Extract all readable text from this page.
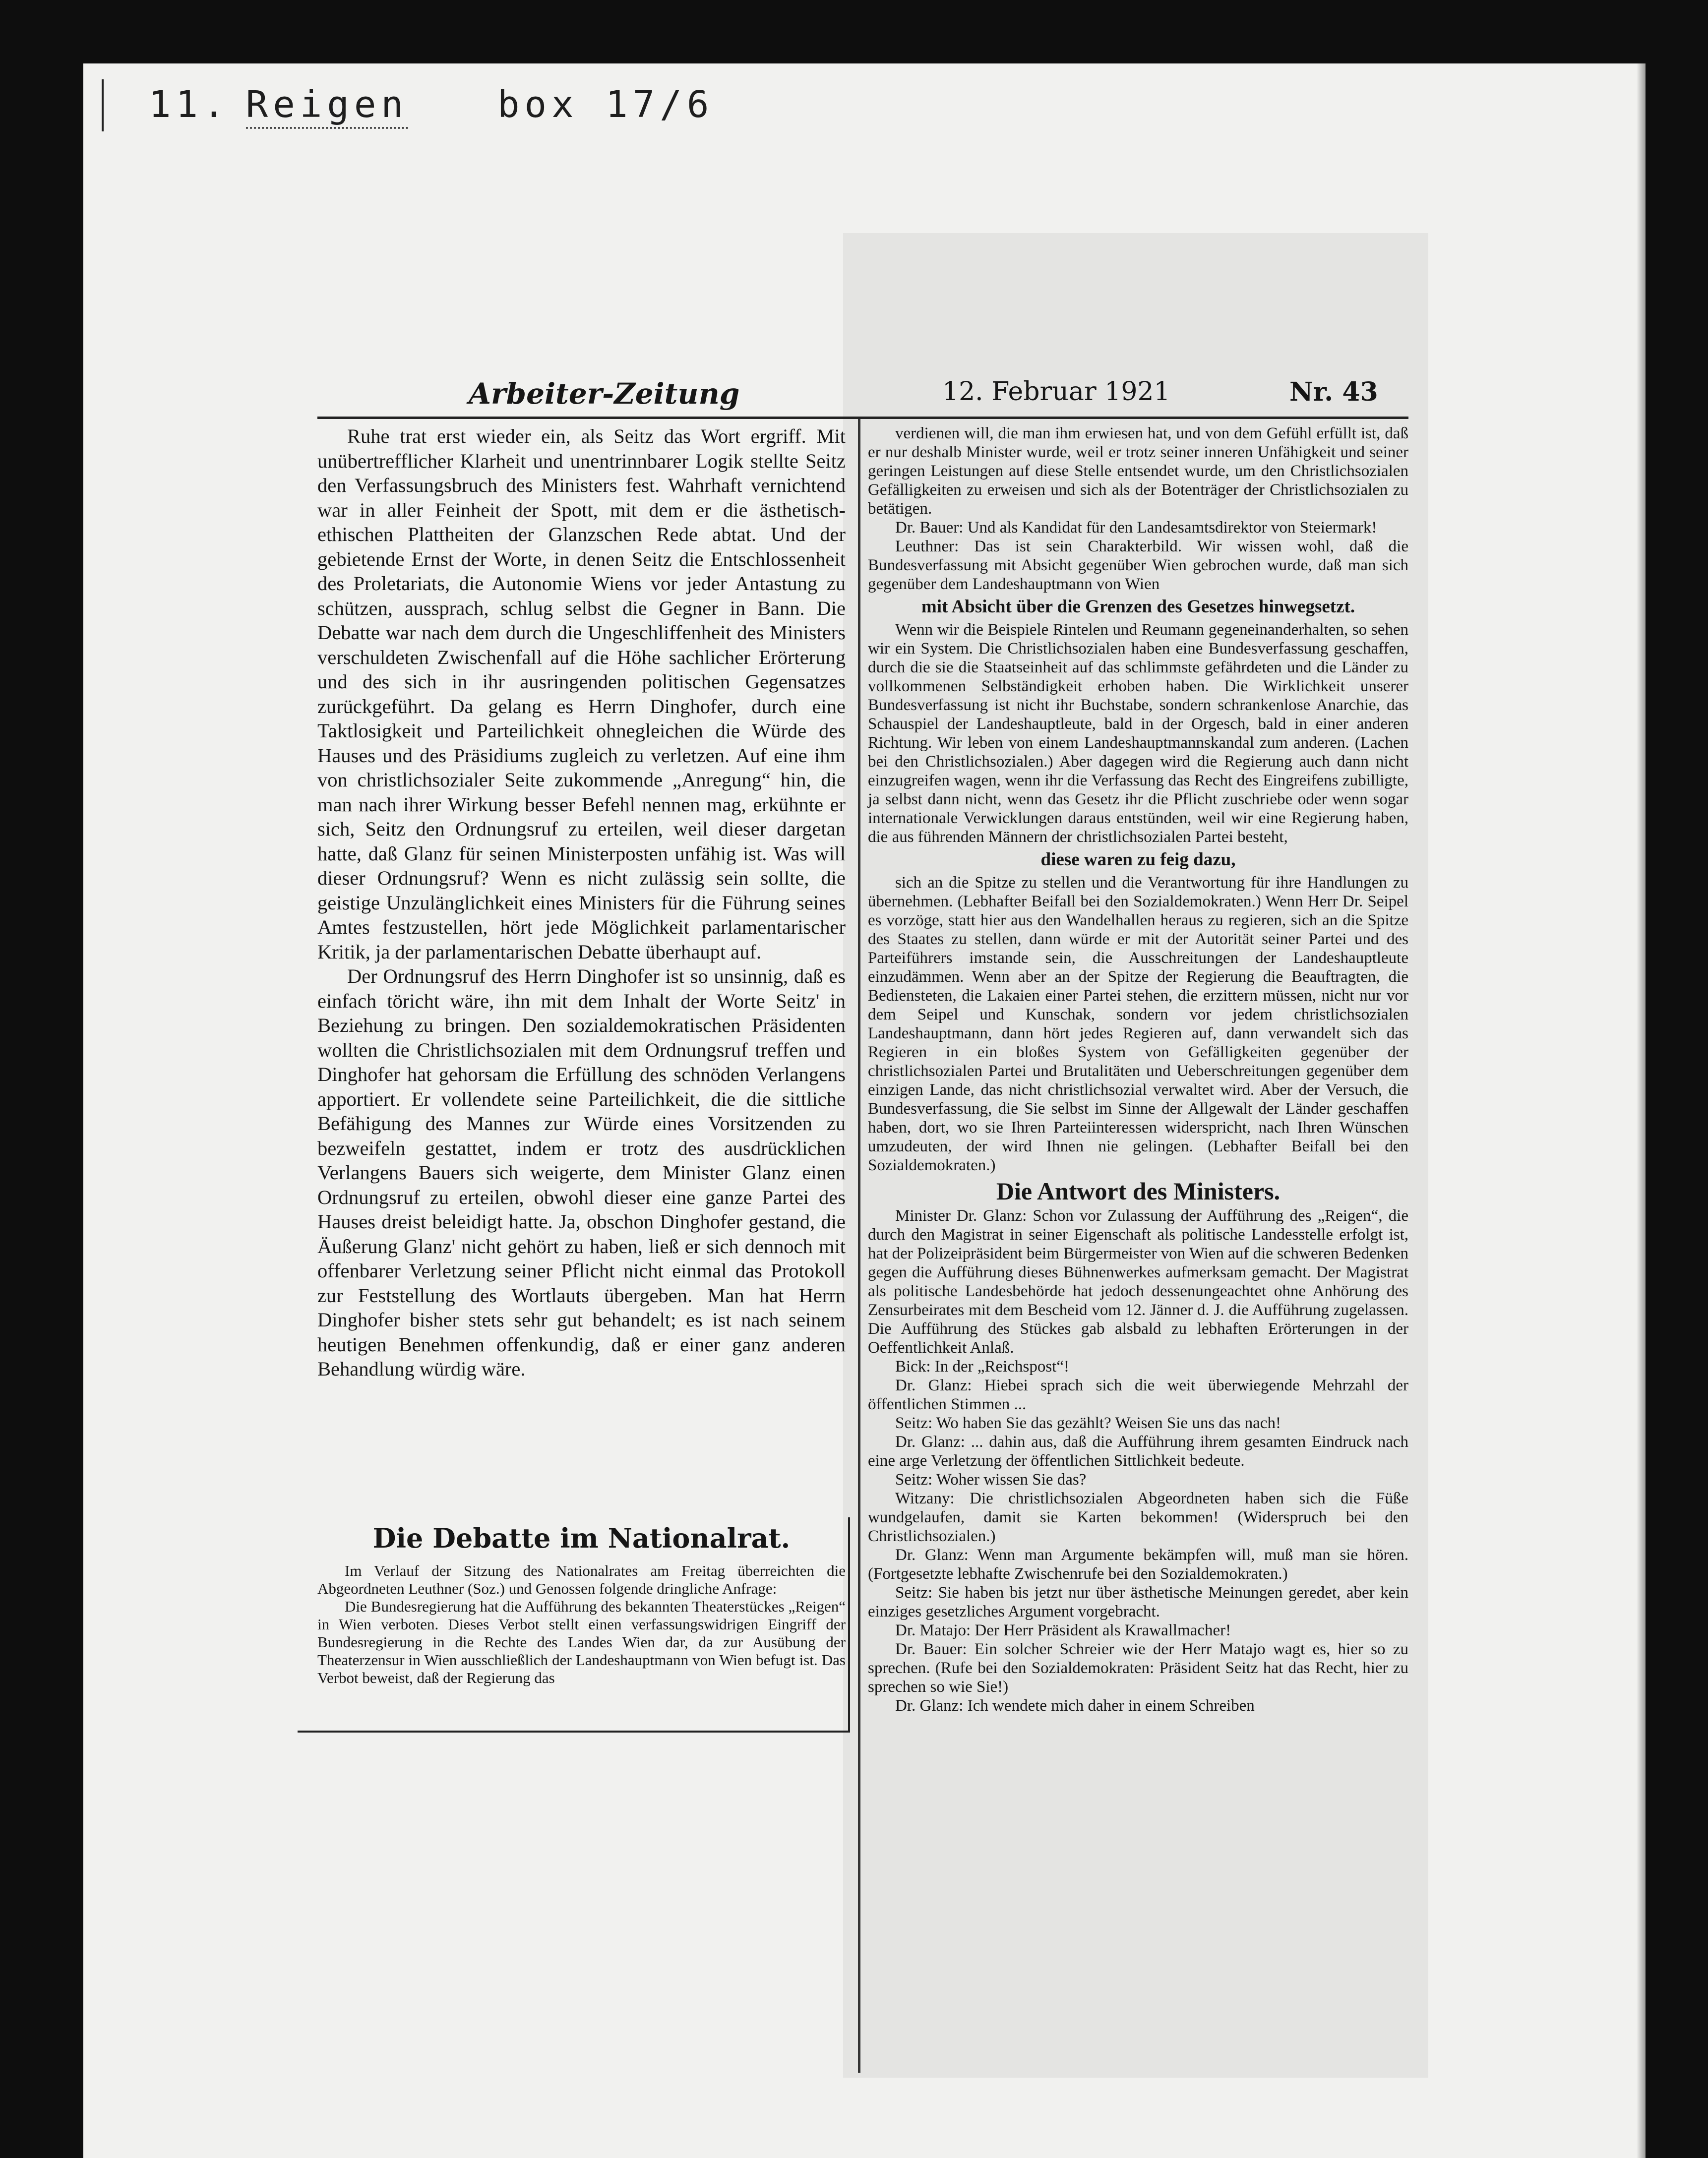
11. Reigen box 17/6
Arbeiter-Zeitung	12. Februar 1921	Nr. 43

Ruhe trat erst wieder ein, als Seitz das Wort ergriff. Mit unübertrefflicher Klarheit und unentrinnbarer Logik stellte Seitz den Verfassungsbruch des Ministers fest. Wahrhaft vernichtend war in aller Feinheit der Spott, mit dem er die ästhetisch-ethischen Plattheiten der Glanzschen Rede abtat. Und der gebietende Ernst der Worte, in denen Seitz die Entschlossenheit des Proletariats, die Autonomie Wiens vor jeder Antastung zu schützen, aussprach, schlug selbst die Gegner in Bann. Die Debatte war nach dem durch die Ungeschliffenheit des Ministers verschuldeten Zwischenfall auf die Höhe sachlicher Erörterung und des sich in ihr ausringenden politischen Gegensatzes zurückgeführt. Da gelang es Herrn Dinghofer, durch eine Taktlosigkeit und Parteilichkeit ohnegleichen die Würde des Hauses und des Präsidiums zugleich zu verletzen. Auf eine ihm von christlichsozialer Seite zukommende „Anregung“ hin, die man nach ihrer Wirkung besser Befehl nennen mag, erkühnte er sich, Seitz den Ordnungsruf zu erteilen, weil dieser dargetan hatte, daß Glanz für seinen Ministerposten unfähig ist. Was will dieser Ordnungsruf? Wenn es nicht zulässig sein sollte, die geistige Unzulänglichkeit eines Ministers für die Führung seines Amtes festzustellen, hört jede Möglichkeit parlamentarischer Kritik, ja der parlamentarischen Debatte überhaupt auf.

Der Ordnungsruf des Herrn Dinghofer ist so unsinnig, daß es einfach töricht wäre, ihn mit dem Inhalt der Worte Seitz' in Beziehung zu bringen. Den sozialdemokratischen Präsidenten wollten die Christlichsozialen mit dem Ordnungsruf treffen und Dinghofer hat gehorsam die Erfüllung des schnöden Verlangens apportiert. Er vollendete seine Parteilichkeit, die die sittliche Befähigung des Mannes zur Würde eines Vorsitzenden zu bezweifeln gestattet, indem er trotz des ausdrücklichen Verlangens Bauers sich weigerte, dem Minister Glanz einen Ordnungsruf zu erteilen, obwohl dieser eine ganze Partei des Hauses dreist beleidigt hatte. Ja, obschon Dinghofer gestand, die Äußerung Glanz' nicht gehört zu haben, ließ er sich dennoch mit offenbarer Verletzung seiner Pflicht nicht einmal das Protokoll zur Feststellung des Wortlauts übergeben. Man hat Herrn Dinghofer bisher stets sehr gut behandelt; es ist nach seinem heutigen Benehmen offenkundig, daß er einer ganz anderen Behandlung würdig wäre.

Die Debatte im Nationalrat.

Im Verlauf der Sitzung des Nationalrates am Freitag überreichten die Abgeordneten Leuthner (Soz.) und Genossen folgende dringliche Anfrage:

Die Bundesregierung hat die Aufführung des bekannten Theaterstückes „Reigen“ in Wien verboten. Dieses Verbot stellt einen verfassungswidrigen Eingriff der Bundesregierung in die Rechte des Landes Wien dar, da zur Ausübung der Theaterzensur in Wien ausschließlich der Landeshauptmann von Wien befugt ist. Das Verbot beweist, daß der Regierung das

verdienen will, die man ihm erwiesen hat, und von dem Gefühl erfüllt ist, daß er nur deshalb Minister wurde, weil er trotz seiner inneren Unfähigkeit und seiner geringen Leistungen auf diese Stelle entsendet wurde, um den Christlichsozialen Gefälligkeiten zu erweisen und sich als der Botenträger der Christlichsozialen zu betätigen.

Dr. Bauer: Und als Kandidat für den Landesamtsdirektor von Steiermark!

Leuthner: Das ist sein Charakterbild. Wir wissen wohl, daß die Bundesverfassung mit Absicht gegenüber Wien gebrochen wurde, daß man sich gegenüber dem Landeshauptmann von Wien

mit Absicht über die Grenzen des Gesetzes hinwegsetzt.

Wenn wir die Beispiele Rintelen und Reumann gegeneinanderhalten, so sehen wir ein System. Die Christlichsozialen haben eine Bundesverfassung geschaffen, durch die sie die Staatseinheit auf das schlimmste gefährdeten und die Länder zu vollkommenen Selbständigkeit erhoben haben. Die Wirklichkeit unserer Bundesverfassung ist nicht ihr Buchstabe, sondern schrankenlose Anarchie, das Schauspiel der Landeshauptleute, bald in der Orgesch, bald in einer anderen Richtung. Wir leben von einem Landeshauptmannskandal zum anderen. (Lachen bei den Christlichsozialen.) Aber dagegen wird die Regierung auch dann nicht einzugreifen wagen, wenn ihr die Verfassung das Recht des Eingreifens zubilligte, ja selbst dann nicht, wenn das Gesetz ihr die Pflicht zuschriebe oder wenn sogar internationale Verwicklungen daraus entstünden, weil wir eine Regierung haben, die aus führenden Männern der christlichsozialen Partei besteht,

diese waren zu feig dazu,

sich an die Spitze zu stellen und die Verantwortung für ihre Handlungen zu übernehmen. (Lebhafter Beifall bei den Sozialdemokraten.) Wenn Herr Dr. Seipel es vorzöge, statt hier aus den Wandelhallen heraus zu regieren, sich an die Spitze des Staates zu stellen, dann würde er mit der Autorität seiner Partei und des Parteiführers imstande sein, die Ausschreitungen der Landeshauptleute einzudämmen. Wenn aber an der Spitze der Regierung die Beauftragten, die Bediensteten, die Lakaien einer Partei stehen, die erzittern müssen, nicht nur vor dem Seipel und Kunschak, sondern vor jedem christlichsozialen Landeshauptmann, dann hört jedes Regieren auf, dann verwandelt sich das Regieren in ein bloßes System von Gefälligkeiten gegenüber der christlichsozialen Partei und Brutalitäten und Ueberschreitungen gegenüber dem einzigen Lande, das nicht christlichsozial verwaltet wird. Aber der Versuch, die Bundesverfassung, die Sie selbst im Sinne der Allgewalt der Länder geschaffen haben, dort, wo sie Ihren Parteiinteressen widerspricht, nach Ihren Wünschen umzudeuten, der wird Ihnen nie gelingen. (Lebhafter Beifall bei den Sozialdemokraten.)

Die Antwort des Ministers.

Minister Dr. Glanz: Schon vor Zulassung der Aufführung des „Reigen“, die durch den Magistrat in seiner Eigenschaft als politische Landesstelle erfolgt ist, hat der Polizeipräsident beim Bürgermeister von Wien auf die schweren Bedenken gegen die Aufführung dieses Bühnenwerkes aufmerksam gemacht. Der Magistrat als politische Landesbehörde hat jedoch dessenungeachtet ohne Anhörung des Zensurbeirates mit dem Bescheid vom 12. Jänner d. J. die Aufführung zugelassen. Die Aufführung des Stückes gab alsbald zu lebhaften Erörterungen in der Oeffentlichkeit Anlaß.

Bick: In der „Reichspost“!

Dr. Glanz: Hiebei sprach sich die weit überwiegende Mehrzahl der öffentlichen Stimmen ...

Seitz: Wo haben Sie das gezählt? Weisen Sie uns das nach!

Dr. Glanz: ... dahin aus, daß die Aufführung ihrem gesamten Eindruck nach eine arge Verletzung der öffentlichen Sittlichkeit bedeute.

Seitz: Woher wissen Sie das?

Witzany: Die christlichsozialen Abgeordneten haben sich die Füße wundgelaufen, damit sie Karten bekommen! (Widerspruch bei den Christlichsozialen.)

Dr. Glanz: Wenn man Argumente bekämpfen will, muß man sie hören. (Fortgesetzte lebhafte Zwischenrufe bei den Sozialdemokraten.)

Seitz: Sie haben bis jetzt nur über ästhetische Meinungen geredet, aber kein einziges gesetzliches Argument vorgebracht.

Dr. Matajo: Der Herr Präsident als Krawallmacher!

Dr. Bauer: Ein solcher Schreier wie der Herr Matajo wagt es, hier so zu sprechen. (Rufe bei den Sozialdemokraten: Präsident Seitz hat das Recht, hier zu sprechen so wie Sie!)

Dr. Glanz: Ich wendete mich daher in einem Schreiben
